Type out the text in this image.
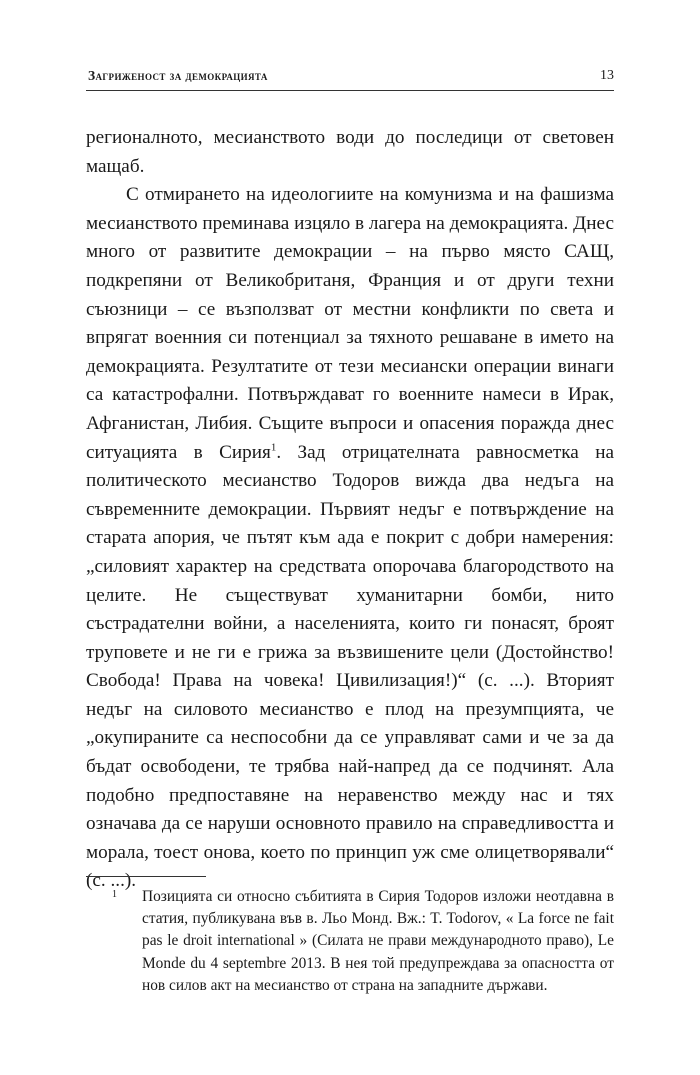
Загриженост за демокрацията	13

регионалното, месианството води до последици от световен мащаб.

С отмирането на идеологиите на комунизма и на фашизма месианството преминава изцяло в лагера на демокрацията. Днес много от развитите демокрации – на първо място САЩ, подкрепяни от Великобританя, Франция и от други техни съюзници – се възползват от местни конфликти по света и впрягат военния си потенциал за тяхното решаване в името на демокрацията. Резултатите от тези месиански операции винаги са катастрофални. Потвърждават го военните намеси в Ирак, Афганистан, Либия. Същите въпроси и опасения поражда днес ситуацията в Сирия$^1$. Зад отрицателната равносметка на политическото месианство Тодоров вижда два недъга на съвременните демокрации. Първият недъг е потвърждение на старата апория, че пътят към ада е покрит с добри намерения: „силовият характер на средствата опорочава благородството на целите. Не съществуват хуманитарни бомби, нито състрадателни войни, а населенията, които ги понасят, броят труповете и не ги е грижа за възвишените цели (Достойнство! Свобода! Права на човека! Цивилизация!)“ (с. ...). Вторият недъг на силовото месианство е плод на презумпцията, че „окупираните са неспособни да се управляват сами и че за да бъдат освободени, те трябва най-напред да се подчинят. Ала подобно предпоставяне на неравенство между нас и тях означава да се наруши основното правило на справедливостта и морала, тоест онова, което по принцип уж сме олицетворявали“ (с. ...).

1 Позицията си относно събитията в Сирия Тодоров изложи неотдавна в статия, публикувана във в. Льо Монд. Вж.: T. Todorov, « La force ne fait pas le droit international » (Силата не прави международното право), Le Monde du 4 septembre 2013. В нея той предупреждава за опасността от нов силов акт на месианство от страна на западните държави.
